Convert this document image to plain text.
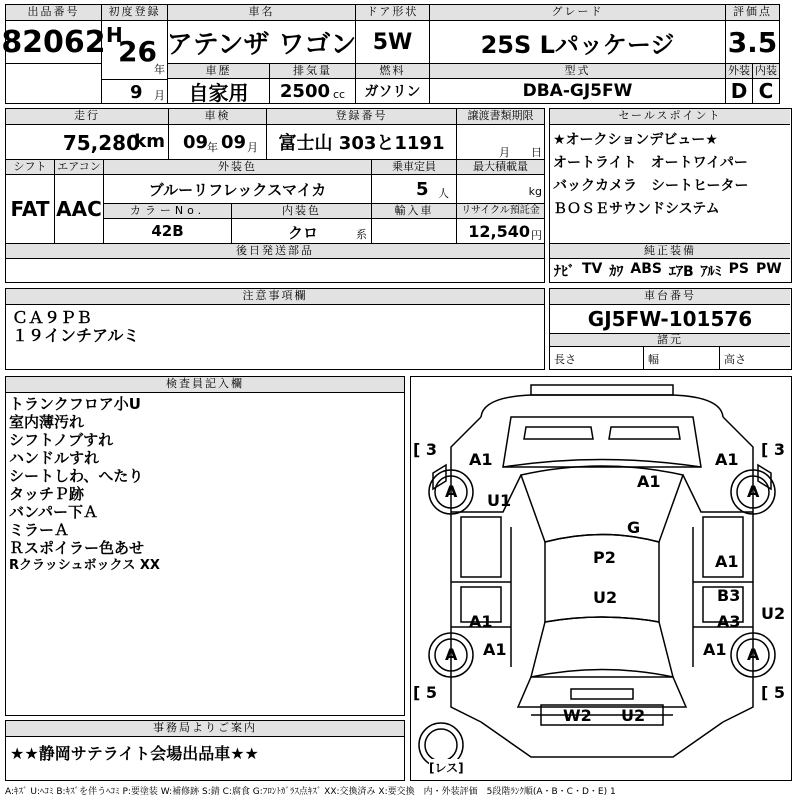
出品番号
82062
初度登録
H
26
年
9 月
車名
アテンザ ワゴン
ドア形状
5W
グレード
25S Lパッケージ
評価点
3.5
車歴
自家用
排気量
2500 cc
燃料
ガソリン
型式
DBA-GJ5FW
外装 内装
D C
走行
75,280
km
車検
09
年 09 月
登録番号
富士山 303と1191
譲渡書類期限
月 日
シフト
FAT
エアコン
AAC
外装色
ブルーリフレックスマイカ
乗車定員
5 人
最大積載量
kg
カラーNo.
42B
内装色
クロ	系
輸入車	リサイクル預託金
12,540 円
後日発送部品
セールスポイント
★オークションデビュー★
オートライト　オートワイパー
バックカメラ　シートヒーター
ＢＯＳＥサウンドシステム
純正装備
ﾅﾋﾞ TV ｶﾜ ABS ｴｱB ｱﾙﾐ PS PW
注意事項欄
ＣＡ９ＰＢ
１９インチアルミ
車台番号
GJ5FW-101576
諸元
長さ	幅	高さ
検査員記入欄
トランクフロア小U
室内薄汚れ
シフトノブすれ
ハンドルすれ
シートしわ、へたり
タッチＰ跡
バンパー下Ａ
ミラーＡ
Ｒスポイラー色あせ
Rクラッシュボックス XX
[ 3	[ 3
[ 5	[ 5
A	A
A	A
[レス]
A1	A1
U1
A1
G
P2
U2
A1
B3
A3 U2
A1
A1	A1
W2 U2
事務局よりご案内
★★静岡サテライト会場出品車★★
A:ｷｽﾞ U:ﾍｺﾐ B:ｷｽﾞを伴うﾍｺﾐ P:要塗装 W:補修跡 S:錆 C:腐食 G:ﾌﾛﾝﾄｶﾞﾗｽ点ｷｽﾞ XX:交換済み X:要交換　内・外装評価　5段階ﾗﾝｸ順(A・B・C・D・E) 1
